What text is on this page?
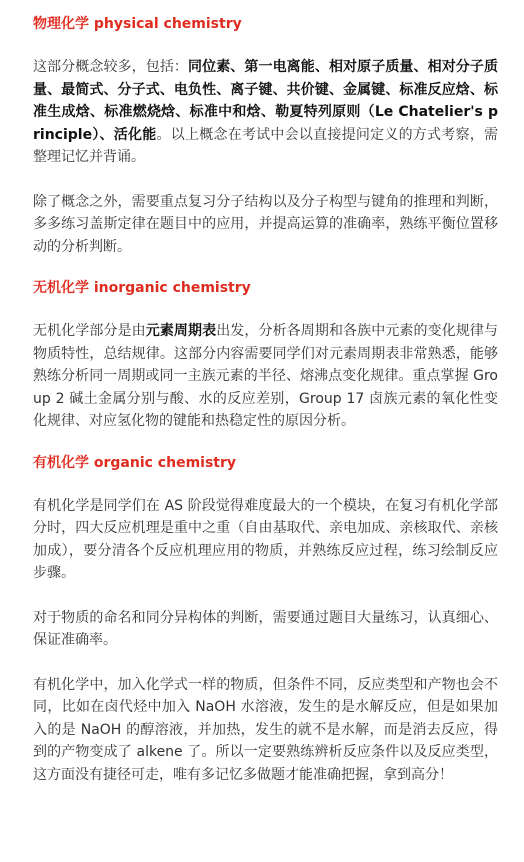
物理化学 physical chemistry

这部分概念较多，包括：同位素、第一电离能、相对原子质量、相对分子质量、最简式、分子式、电负性、离子键、共价键、金属键、标准反应焓、标准生成焓、标准燃烧焓、标准中和焓、勒夏特列原则（Le Chatelier's principle）、活化能。以上概念在考试中会以直接提问定义的方式考察，需整理记忆并背诵。

除了概念之外，需要重点复习分子结构以及分子构型与键角的推理和判断，多多练习盖斯定律在题目中的应用，并提高运算的准确率，熟练平衡位置移动的分析判断。

无机化学 inorganic chemistry

无机化学部分是由元素周期表出发，分析各周期和各族中元素的变化规律与物质特性，总结规律。这部分内容需要同学们对元素周期表非常熟悉，能够熟练分析同一周期或同一主族元素的半径、熔沸点变化规律。重点掌握 Group 2 碱土金属分别与酸、水的反应差别，Group 17 卤族元素的氧化性变化规律、对应氢化物的键能和热稳定性的原因分析。

有机化学 organic chemistry

有机化学是同学们在 AS 阶段觉得难度最大的一个模块，在复习有机化学部分时，四大反应机理是重中之重（自由基取代、亲电加成、亲核取代、亲核加成），要分清各个反应机理应用的物质，并熟练反应过程，练习绘制反应步骤。

对于物质的命名和同分异构体的判断，需要通过题目大量练习，认真细心、保证准确率。

有机化学中，加入化学式一样的物质，但条件不同，反应类型和产物也会不同，比如在卤代烃中加入 NaOH 水溶液，发生的是水解反应，但是如果加入的是 NaOH 的醇溶液，并加热，发生的就不是水解，而是消去反应，得到的产物变成了 alkene 了。所以一定要熟练辨析反应条件以及反应类型，这方面没有捷径可走，唯有多记忆多做题才能准确把握，拿到高分！
